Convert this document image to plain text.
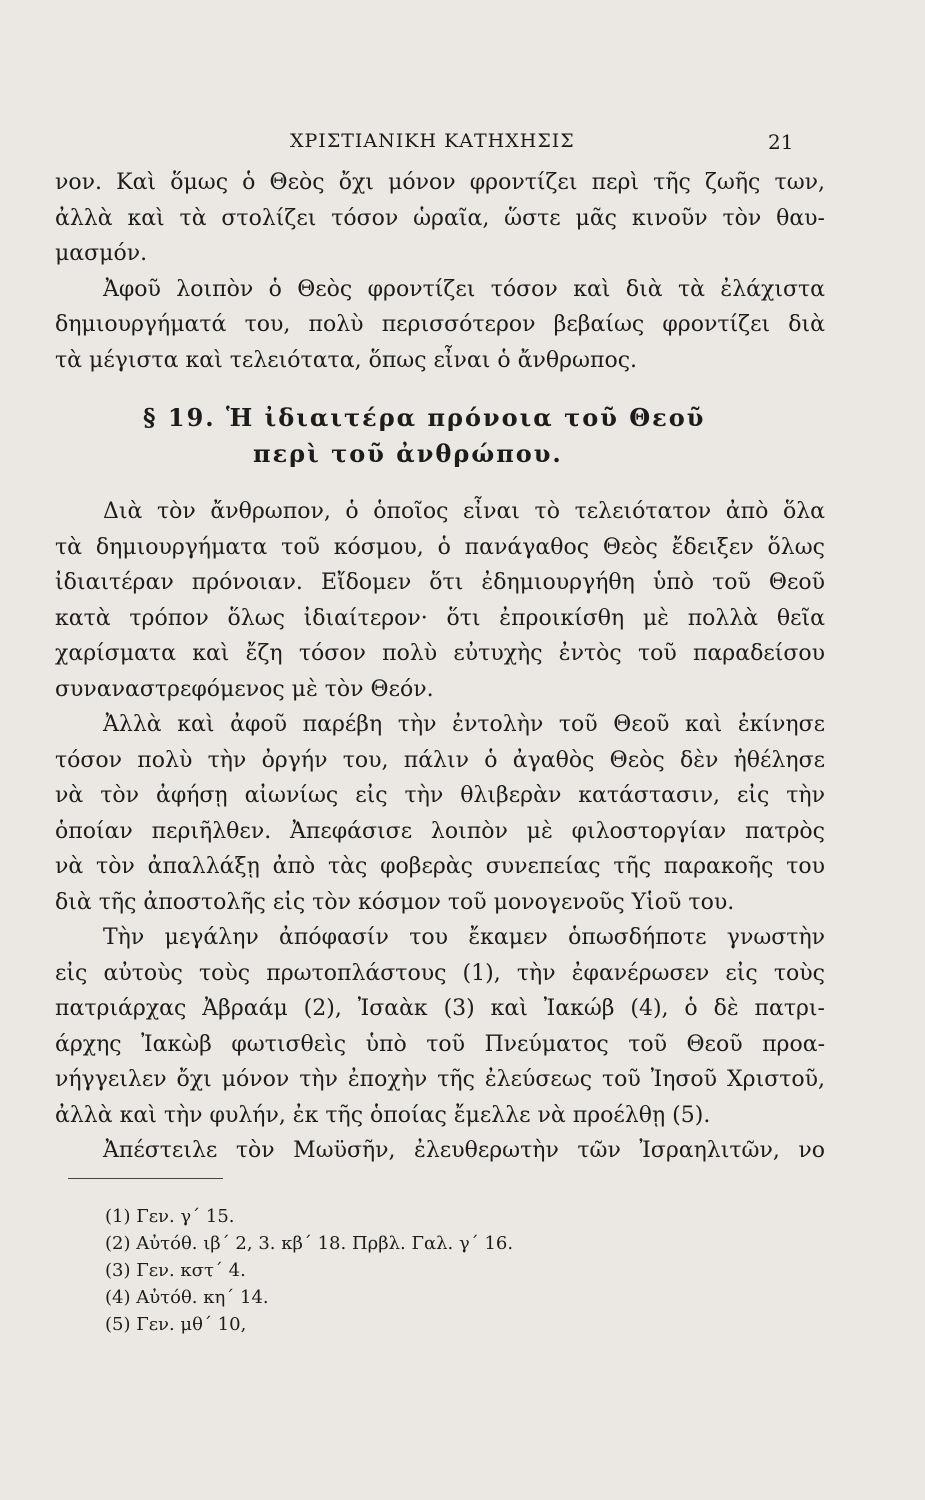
ΧΡΙΣΤΙΑΝΙΚΗ ΚΑΤΗΧΗΣΙΣ	21
νον. Καὶ ὅμως ὁ Θεὸς ὄχι μόνον φροντίζει περὶ τῆς ζωῆς των,
ἀλλὰ καὶ τὰ στολίζει τόσον ὡραῖα, ὥστε μᾶς κινοῦν τὸν θαυ-
μασμόν.
Ἀφοῦ λοιπὸν ὁ Θεὸς φροντίζει τόσον καὶ διὰ τὰ ἐλάχιστα
δημιουργήματά του, πολὺ περισσότερον βεβαίως φροντίζει διὰ
τὰ μέγιστα καὶ τελειότατα, ὅπως εἶναι ὁ ἄνθρωπος.
§ 19. Ἡ ἰδιαιτέρα πρόνοια τοῦ Θεοῦ
περὶ τοῦ ἀνθρώπου.
Διὰ τὸν ἄνθρωπον, ὁ ὁποῖος εἶναι τὸ τελειότατον ἀπὸ ὅλα
τὰ δημιουργήματα τοῦ κόσμου, ὁ πανάγαθος Θεὸς ἔδειξεν ὅλως
ἰδιαιτέραν πρόνοιαν. Εἴδομεν ὅτι ἐδημιουργήθη ὑπὸ τοῦ Θεοῦ
κατὰ τρόπον ὅλως ἰδιαίτερον· ὅτι ἐπροικίσθη μὲ πολλὰ θεῖα
χαρίσματα καὶ ἔζη τόσον πολὺ εὐτυχὴς ἐντὸς τοῦ παραδείσου
συναναστρεφόμενος μὲ τὸν Θεόν.
Ἀλλὰ καὶ ἀφοῦ παρέβη τὴν ἐντολὴν τοῦ Θεοῦ καὶ ἐκίνησε
τόσον πολὺ τὴν ὀργήν του, πάλιν ὁ ἀγαθὸς Θεὸς δὲν ἠθέλησε
νὰ τὸν ἀφήσῃ αἰωνίως εἰς τὴν θλιβερὰν κατάστασιν, εἰς τὴν
ὁποίαν περιῆλθεν. Ἀπεφάσισε λοιπὸν μὲ φιλοστοργίαν πατρὸς
νὰ τὸν ἀπαλλάξῃ ἀπὸ τὰς φοβερὰς συνεπείας τῆς παρακοῆς του
διὰ τῆς ἀποστολῆς εἰς τὸν κόσμον τοῦ μονογενοῦς Υἱοῦ του.
Τὴν μεγάλην ἀπόφασίν του ἔκαμεν ὁπωσδήποτε γνωστὴν
εἰς αὐτοὺς τοὺς πρωτοπλάστους (1), τὴν ἐφανέρωσεν εἰς τοὺς
πατριάρχας Ἀβραάμ (2), Ἰσαὰκ (3) καὶ Ἰακώβ (4), ὁ δὲ πατρι-
άρχης Ἰακὼβ φωτισθεὶς ὑπὸ τοῦ Πνεύματος τοῦ Θεοῦ προα-
νήγγειλεν ὄχι μόνον τὴν ἐποχὴν τῆς ἐλεύσεως τοῦ Ἰησοῦ Χριστοῦ,
ἀλλὰ καὶ τὴν φυλήν, ἐκ τῆς ὁποίας ἔμελλε νὰ προέλθῃ (5).
Ἀπέστειλε τὸν Μωϋσῆν, ἐλευθερωτὴν τῶν Ἰσραηλιτῶν, νο
(1) Γεν. γ´ 15.
(2) Αὐτόθ. ιβ´ 2, 3. κβ´ 18. Πρβλ. Γαλ. γ´ 16.
(3) Γεν. κστ´ 4.
(4) Αὐτόθ. κη´ 14.
(5) Γεν. μθ´ 10,
